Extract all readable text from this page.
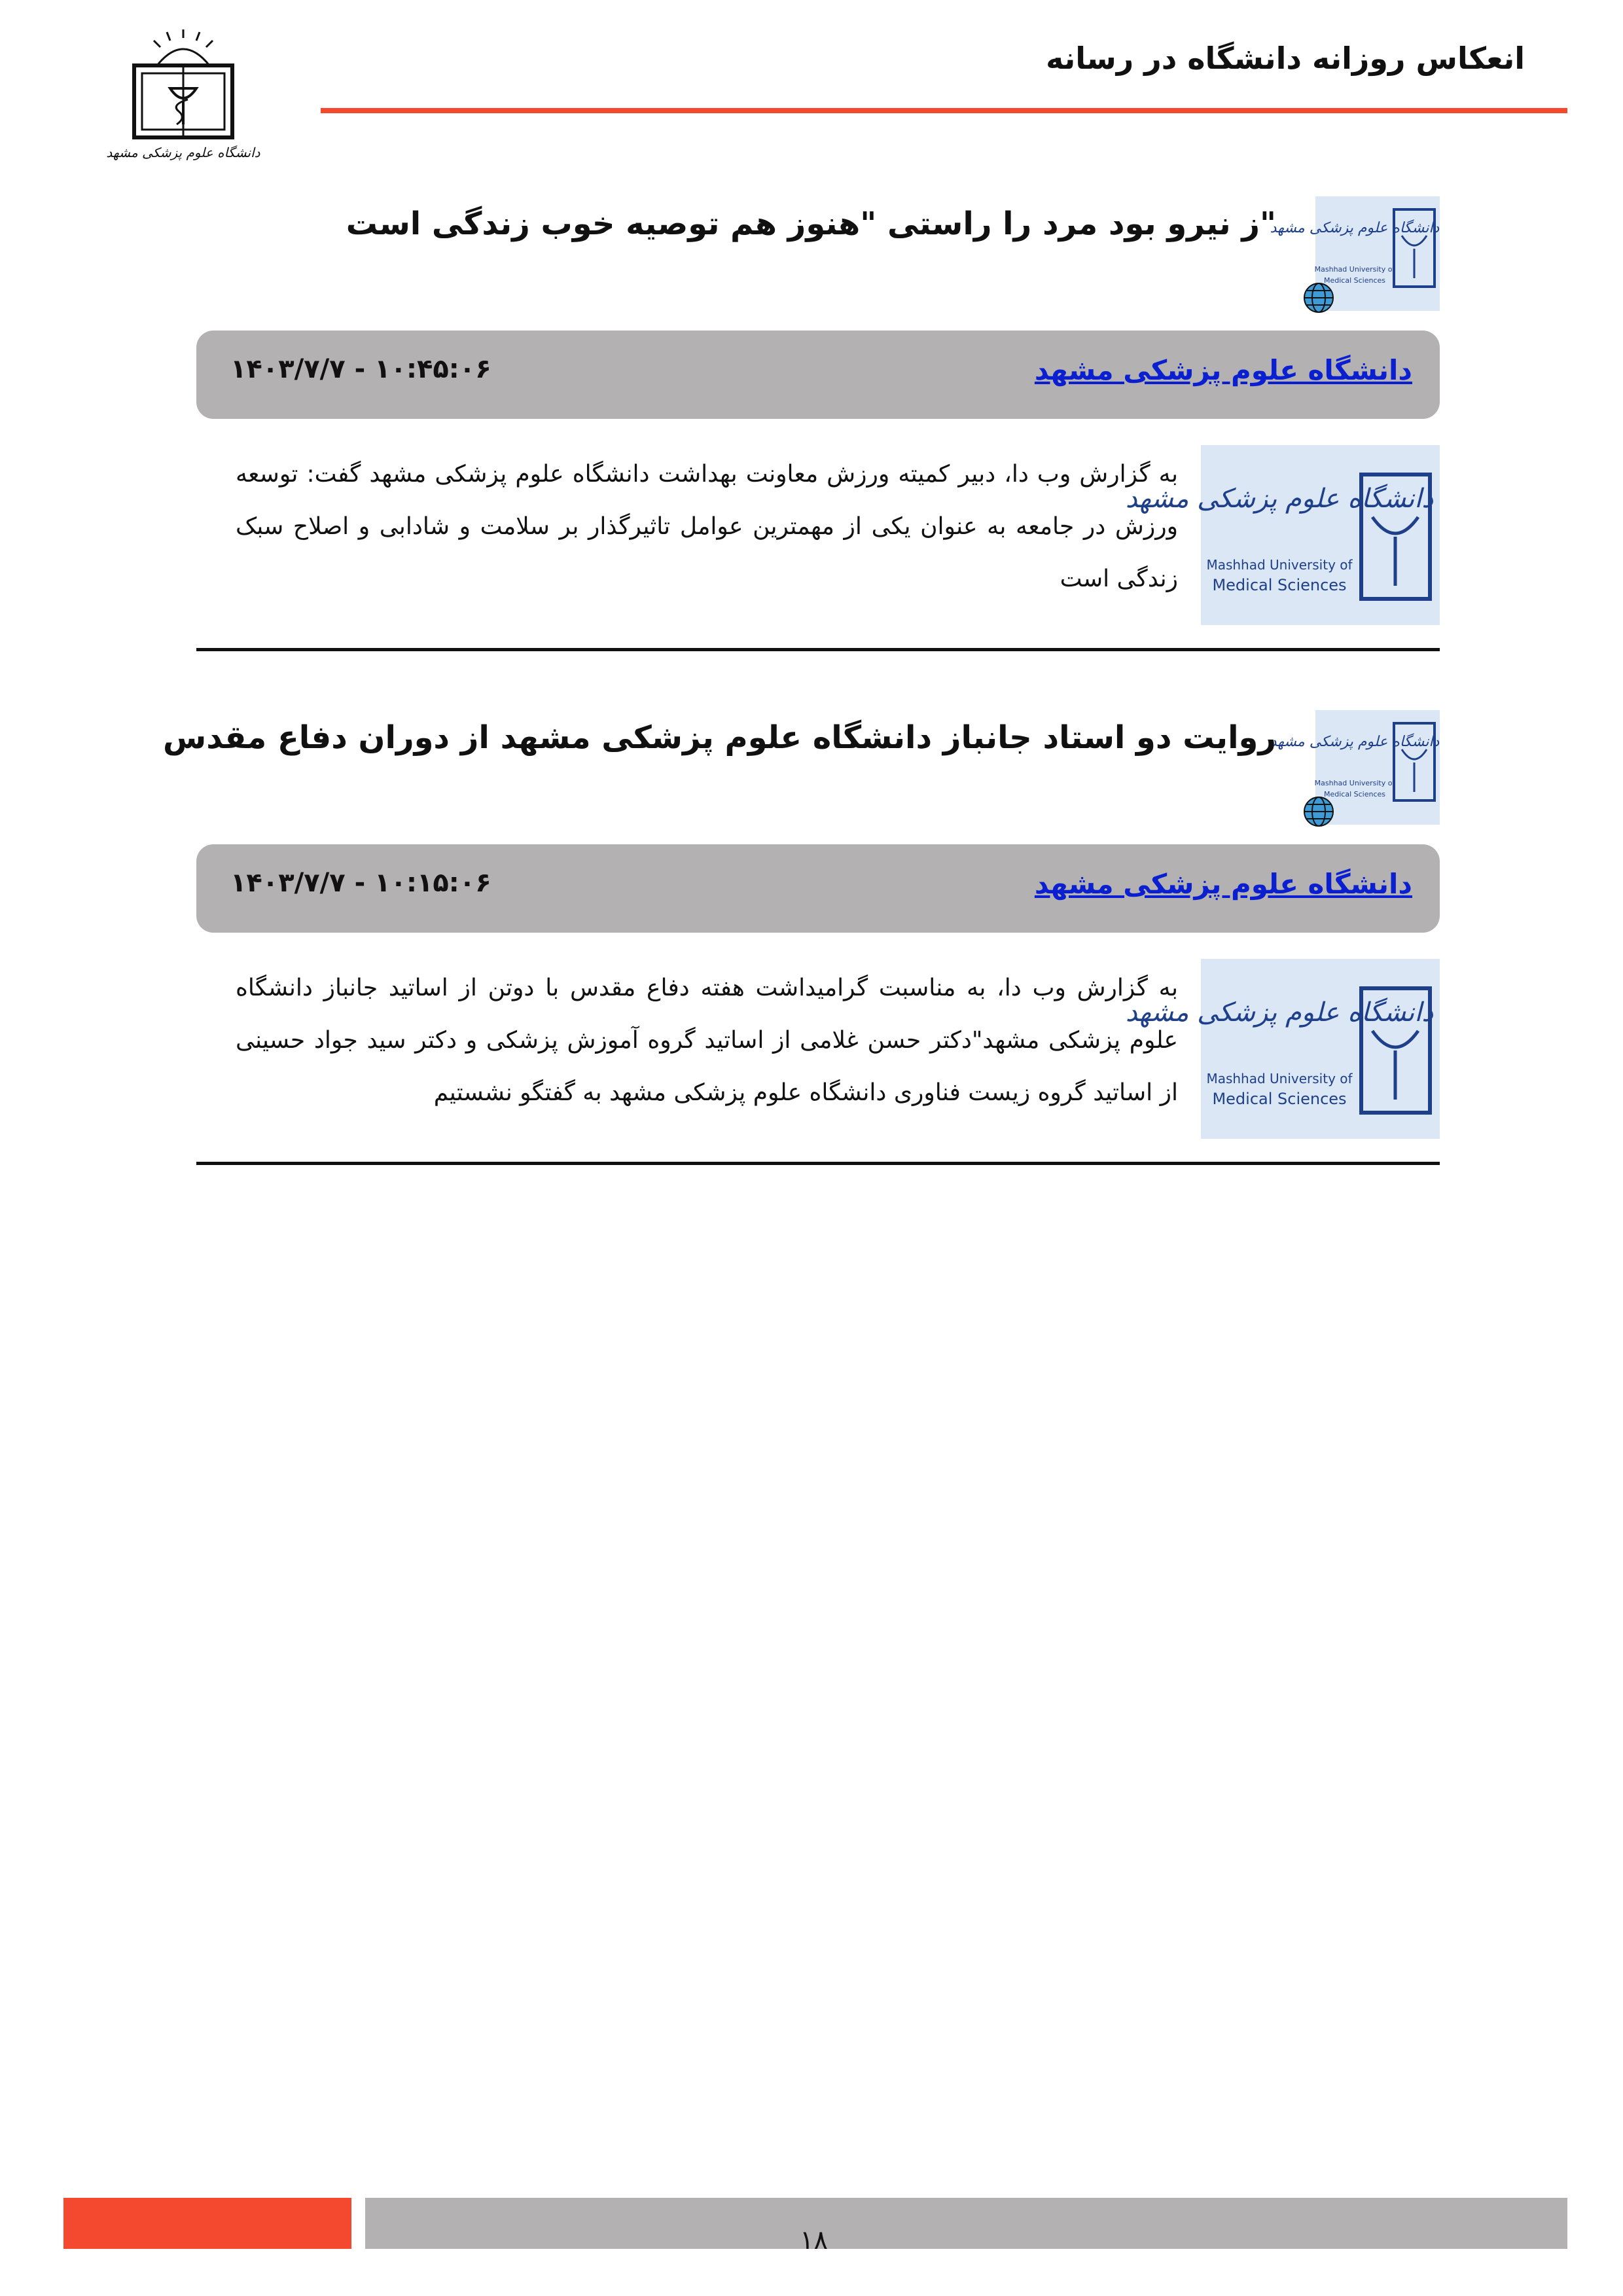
انعکاس روزانه دانشگاه در رسانه
دانشگاه علوم پزشکی مشهد
دانشگاه علوم پزشکی مشهد
Mashhad University of
Medical Sciences
"ز نیرو بود مرد را راستی "هنوز هم توصیه خوب زندگی است
دانشگاه علوم پزشکی مشهد
۱۴۰۳/۷/۷ - ۱۰:۴۵:۰۶
دانشگاه علوم پزشکی مشهد
Mashhad University of
Medical Sciences
به گزارش وب دا، دبیر کمیته ورزش معاونت بهداشت دانشگاه علوم پزشکی مشهد گفت: توسعه ورزش در جامعه به عنوان یکی از مهمترین عوامل تاثیرگذار بر سلامت و شادابی و اصلاح سبک زندگی است
دانشگاه علوم پزشکی مشهد
Mashhad University of
Medical Sciences
روایت دو استاد جانباز دانشگاه علوم پزشکی مشهد از دوران دفاع مقدس
دانشگاه علوم پزشکی مشهد
۱۴۰۳/۷/۷ - ۱۰:۱۵:۰۶
دانشگاه علوم پزشکی مشهد
Mashhad University of
Medical Sciences
به گزارش وب دا، به مناسبت گرامیداشت هفته دفاع مقدس با دوتن از اساتید جانباز دانشگاه علوم پزشکی مشهد"دکتر حسن غلامی از اساتید گروه آموزش پزشکی و دکتر سید جواد حسینی از اساتید گروه زیست فناوری دانشگاه علوم پزشکی مشهد به گفتگو نشستیم
۱۸
